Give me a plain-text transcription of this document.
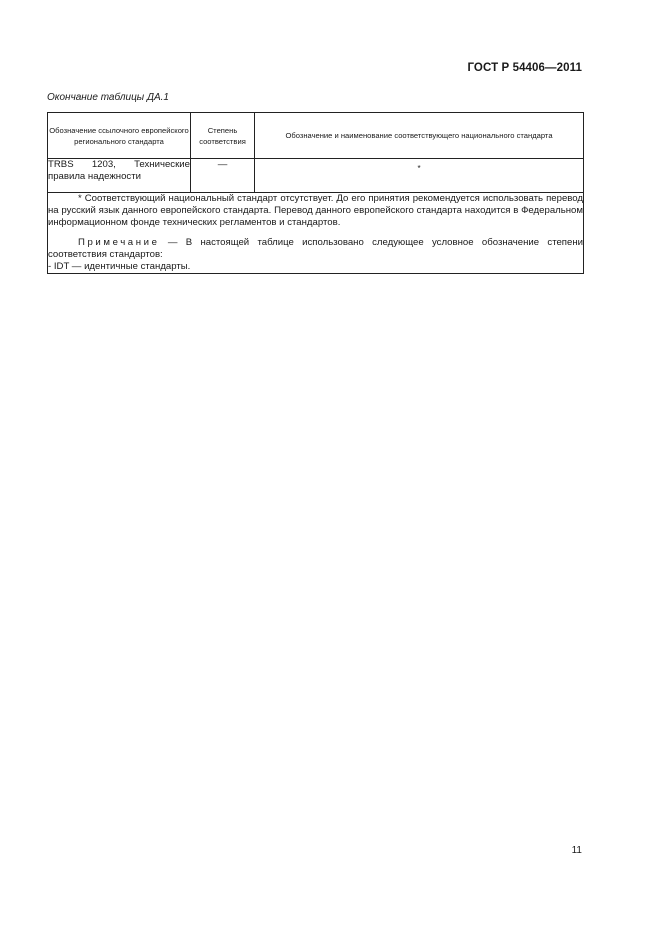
ГОСТ Р 54406—2011
Окончание таблицы ДА.1
Обозначение ссылочного европейского регионального стандарта	Степень соответствия	Обозначение и наименование соответствующего национального стандарта
TRBS 1203, Технические правила надежности	—	$_*$

* Соответствующий национальный стандарт отсутствует. До его принятия рекомендуется использовать перевод на русский язык данного европейского стандарта. Перевод данного европейского стандарта находится в Федеральном информационном фонде технических регламентов и стандартов.

Примечание — В настоящей таблице использовано следующее условное обозначение степени соответствия стандартов:

- IDT — идентичные стандарты.		

11
